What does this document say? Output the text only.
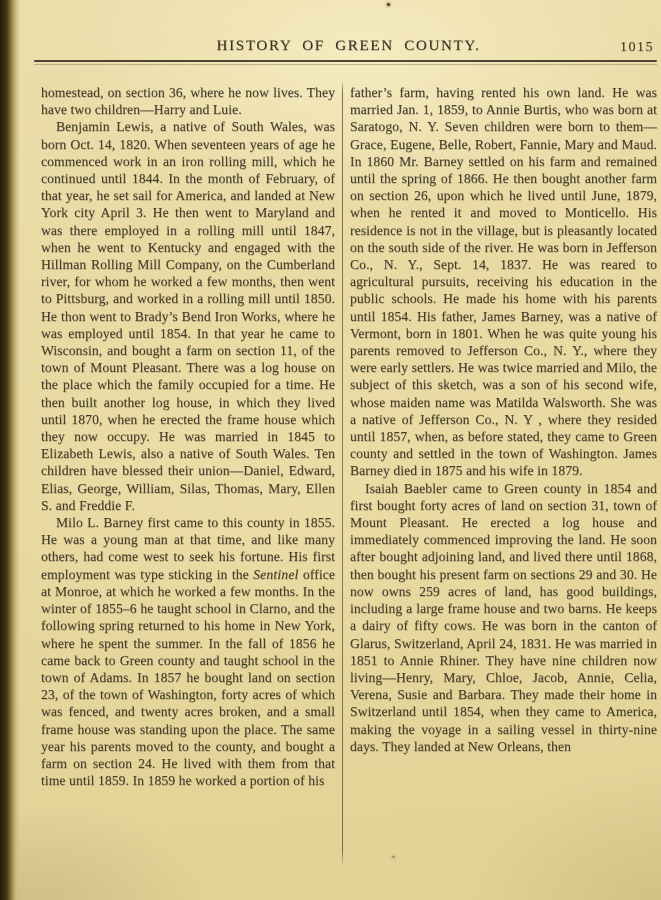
HISTORY OF GREEN COUNTY.	1015

homestead, on section 36, where he now lives. They have two children—Harry and Luie.

Benjamin Lewis, a native of South Wales, was born Oct. 14, 1820. When seventeen years of age he commenced work in an iron rolling mill, which he continued until 1844. In the month of February, of that year, he set sail for America, and landed at New York city April 3. He then went to Maryland and was there employed in a rolling mill until 1847, when he went to Kentucky and engaged with the Hillman Rolling Mill Company, on the Cumberland river, for whom he worked a few months, then went to Pittsburg, and worked in a rolling mill until 1850. He thon went to Brady’s Bend Iron Works, where he was employed until 1854. In that year he came to Wisconsin, and bought a farm on section 11, of the town of Mount Pleasant. There was a log house on the place which the family occupied for a time. He then built another log house, in which they lived until 1870, when he erected the frame house which they now occupy. He was married in 1845 to Elizabeth Lewis, also a native of South Wales. Ten children have blessed their union—Daniel, Edward, Elias, George, William, Silas, Thomas, Mary, Ellen S. and Freddie F.

Milo L. Barney first came to this county in 1855. He was a young man at that time, and like many others, had come west to seek his fortune. His first employment was type sticking in the Sentinel office at Monroe, at which he worked a few months. In the winter of 1855–6 he taught school in Clarno, and the following spring returned to his home in New York, where he spent the summer. In the fall of 1856 he came back to Green county and taught school in the town of Adams. In 1857 he bought land on section 23, of the town of Washington, forty acres of which was fenced, and twenty acres broken, and a small frame house was standing upon the place. The same year his parents moved to the county, and bought a farm on section 24. He lived with them from that time until 1859. In 1859 he worked a portion of his

father’s farm, having rented his own land. He was married Jan. 1, 1859, to Annie Burtis, who was born at Saratogo, N. Y. Seven children were born to them—Grace, Eugene, Belle, Robert, Fannie, Mary and Maud. In 1860 Mr. Barney settled on his farm and remained until the spring of 1866. He then bought another farm on section 26, upon which he lived until June, 1879, when he rented it and moved to Monticello. His residence is not in the village, but is pleasantly located on the south side of the river. He was born in Jefferson Co., N. Y., Sept. 14, 1837. He was reared to agricultural pursuits, receiving his education in the public schools. He made his home with his parents until 1854. His father, James Barney, was a native of Vermont, born in 1801. When he was quite young his parents removed to Jefferson Co., N. Y., where they were early settlers. He was twice married and Milo, the subject of this sketch, was a son of his second wife, whose maiden name was Matilda Walsworth. She was a native of Jefferson Co., N. Y , where they resided until 1857, when, as before stated, they came to Green county and settled in the town of Washington. James Barney died in 1875 and his wife in 1879.

Isaiah Baebler came to Green county in 1854 and first bought forty acres of land on section 31, town of Mount Pleasant. He erected a log house and immediately commenced improving the land. He soon after bought adjoining land, and lived there until 1868, then bought his present farm on sections 29 and 30. He now owns 259 acres of land, has good buildings, including a large frame house and two barns. He keeps a dairy of fifty cows. He was born in the canton of Glarus, Switzerland, April 24, 1831. He was married in 1851 to Annie Rhiner. They have nine children now living—Henry, Mary, Chloe, Jacob, Annie, Celia, Verena, Susie and Barbara. They made their home in Switzerland until 1854, when they came to America, making the voyage in a sailing vessel in thirty-nine days. They landed at New Orleans, then
